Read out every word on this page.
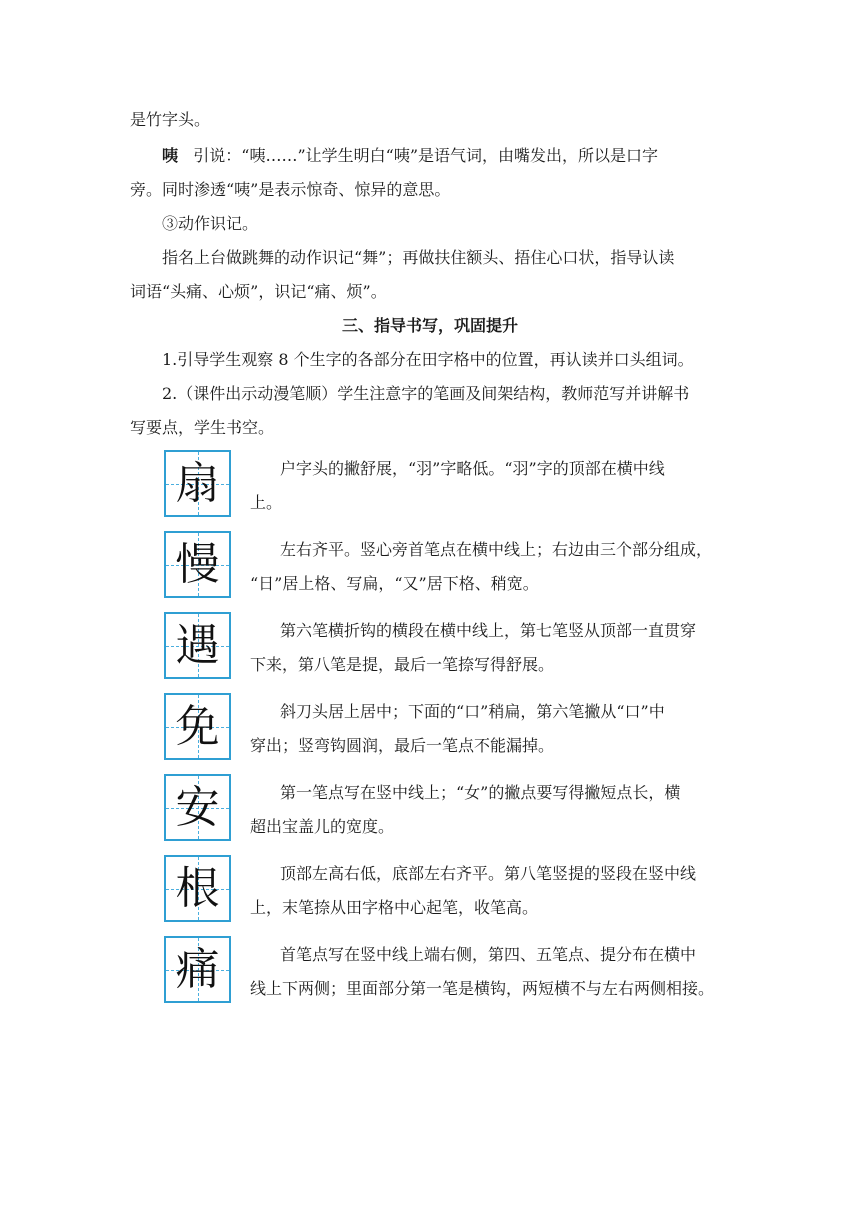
是竹字头。
咦 引说：“咦……”让学生明白“咦”是语气词，由嘴发出，所以是口字
旁。同时渗透“咦”是表示惊奇、惊异的意思。
③动作识记。
指名上台做跳舞的动作识记“舞”；再做扶住额头、捂住心口状，指导认读
词语“头痛、心烦”，识记“痛、烦”。
三、指导书写，巩固提升
1.引导学生观察 8 个生字的各部分在田字格中的位置，再认读并口头组词。
2.（课件出示动漫笔顺）学生注意字的笔画及间架结构，教师范写并讲解书
写要点，学生书空。
扇	户字头的撇舒展，“羽”字略低。“羽”字的顶部在横中线
上。
慢	左右齐平。竖心旁首笔点在横中线上；右边由三个部分组成，
“日”居上格、写扁，“又”居下格、稍宽。
遇	第六笔横折钩的横段在横中线上，第七笔竖从顶部一直贯穿
下来，第八笔是提，最后一笔捺写得舒展。
免	斜刀头居上居中；下面的“口”稍扁，第六笔撇从“口”中
穿出；竖弯钩圆润，最后一笔点不能漏掉。
安	第一笔点写在竖中线上；“女”的撇点要写得撇短点长，横
超出宝盖儿的宽度。
根	顶部左高右低，底部左右齐平。第八笔竖提的竖段在竖中线
上，末笔捺从田字格中心起笔，收笔高。
痛	首笔点写在竖中线上端右侧，第四、五笔点、提分布在横中
线上下两侧；里面部分第一笔是横钩，两短横不与左右两侧相接。
